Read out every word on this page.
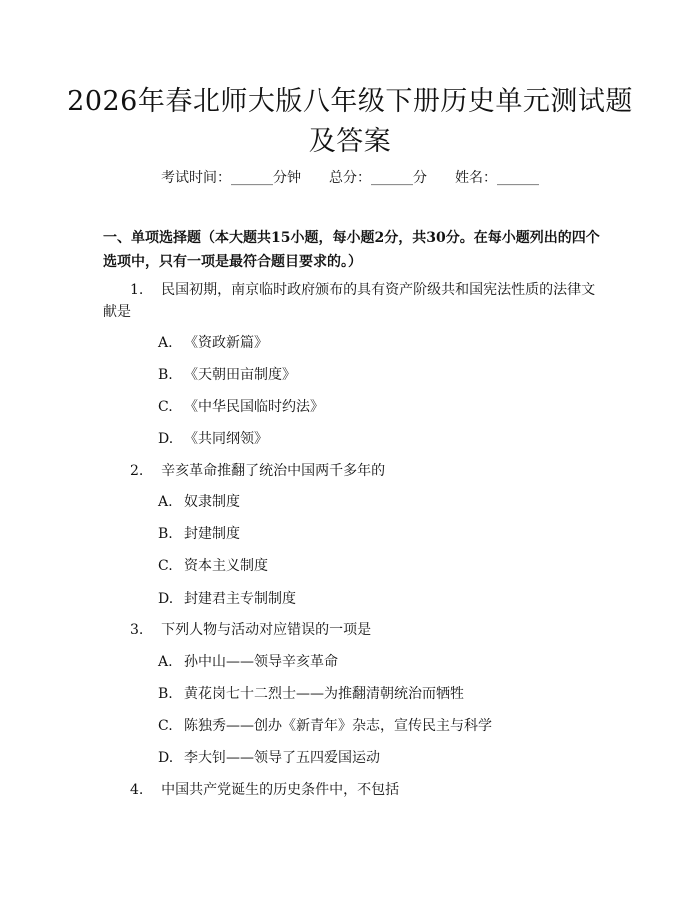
2026年春北师大版八年级下册历史单元测试题及答案
考试时间：______分钟 总分：______分 姓名：______
一、单项选择题（本大题共15小题，每小题2分，共30分。在每小题列出的四个选项中，只有一项是最符合题目要求的。）
1. 民国初期，南京临时政府颁布的具有资产阶级共和国宪法性质的法律文献是
A. 《资政新篇》
B. 《天朝田亩制度》
C. 《中华民国临时约法》
D. 《共同纲领》
2. 辛亥革命推翻了统治中国两千多年的
A. 奴隶制度
B. 封建制度
C. 资本主义制度
D. 封建君主专制制度
3. 下列人物与活动对应错误的一项是
A. 孙中山——领导辛亥革命
B. 黄花岗七十二烈士——为推翻清朝统治而牺牲
C. 陈独秀——创办《新青年》杂志，宣传民主与科学
D. 李大钊——领导了五四爱国运动
4. 中国共产党诞生的历史条件中，不包括
